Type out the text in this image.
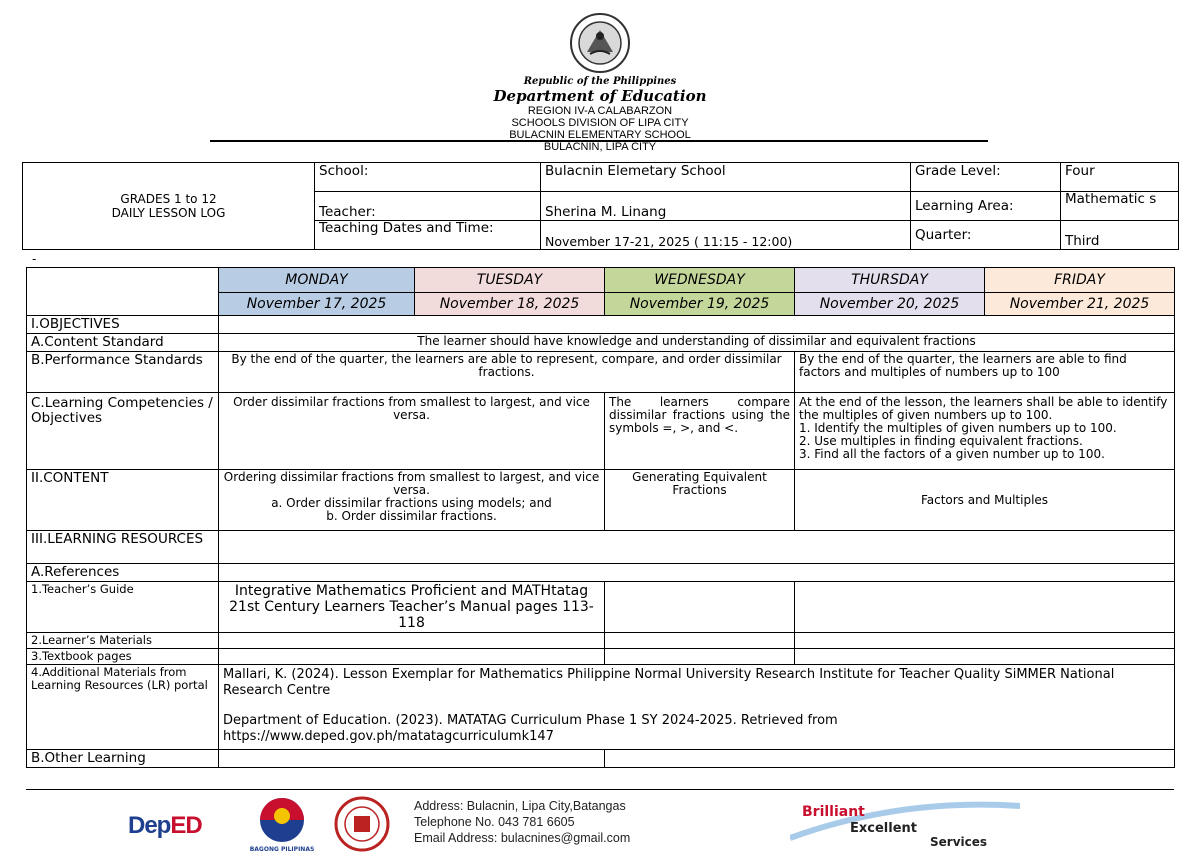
Republic of the Philippines
Department of Education
REGION IV-A CALABARZON
SCHOOLS DIVISION OF LIPA CITY
BULACNIN ELEMENTARY SCHOOL
BULACNIN, LIPA CITY
GRADES 1 to 12
DAILY LESSON LOG	School:	Bulacnin Elemetary School	Grade Level:	Four
	Teacher:	Sherina M. Linang	Learning Area:	Mathematic s
	Teaching Dates and Time:	November 17-21, 2025 ( 11:15 - 12:00)	Quarter:	Third
-
	MONDAY	TUESDAY	WEDNESDAY	THURSDAY	FRIDAY
	November 17, 2025	November 18, 2025	November 19, 2025	November 20, 2025	November 21, 2025
I.OBJECTIVES					
A.Content Standard	The learner should have knowledge and understanding of dissimilar and equivalent fractions				
B.Performance Standards	By the end of the quarter, the learners are able to represent, compare, and order dissimilar fractions.			By the end of the quarter, the learners are able to find factors and multiples of numbers up to 100	
C.Learning Competencies / Objectives	Order dissimilar fractions from smallest to largest, and vice versa.		The learners compare dissimilar fractions using the symbols =, >, and <.	At the end of the lesson, the learners shall be able to identify the multiples of given numbers up to 100.
1. Identify the multiples of given numbers up to 100.
2. Use multiples in finding equivalent fractions.
3. Find all the factors of a given number up to 100.	

II.CONTENT	Ordering dissimilar fractions from smallest to largest, and vice versa.
a. Order dissimilar fractions using models; and
b. Order dissimilar fractions.		Generating Equivalent Fractions	Factors and Multiples	
III.LEARNING RESOURCES					
A.References					
1.Teacher’s Guide	Integrative Mathematics Proficient and MATHtatag 21st Century Learners Teacher’s Manual pages 113-118				
2.Learner’s Materials					
3.Textbook pages					
4.Additional Materials from Learning Resources (LR) portal	Mallari, K. (2024). Lesson Exemplar for Mathematics Philippine Normal University Research Institute for Teacher Quality SiMMER National Research Centre
Department of Education. (2023). MATATAG Curriculum Phase 1 SY 2024-2025. Retrieved from https://www.deped.gov.ph/matatagcurriculumk147				

B.Other Learning					
DepED
BAGONG PILIPINAS
Address: Bulacnin, Lipa City,Batangas
Telephone No. 043 781 6605
Email Address: bulacnines@gmail.com
Brilliant
Excellent
Services
